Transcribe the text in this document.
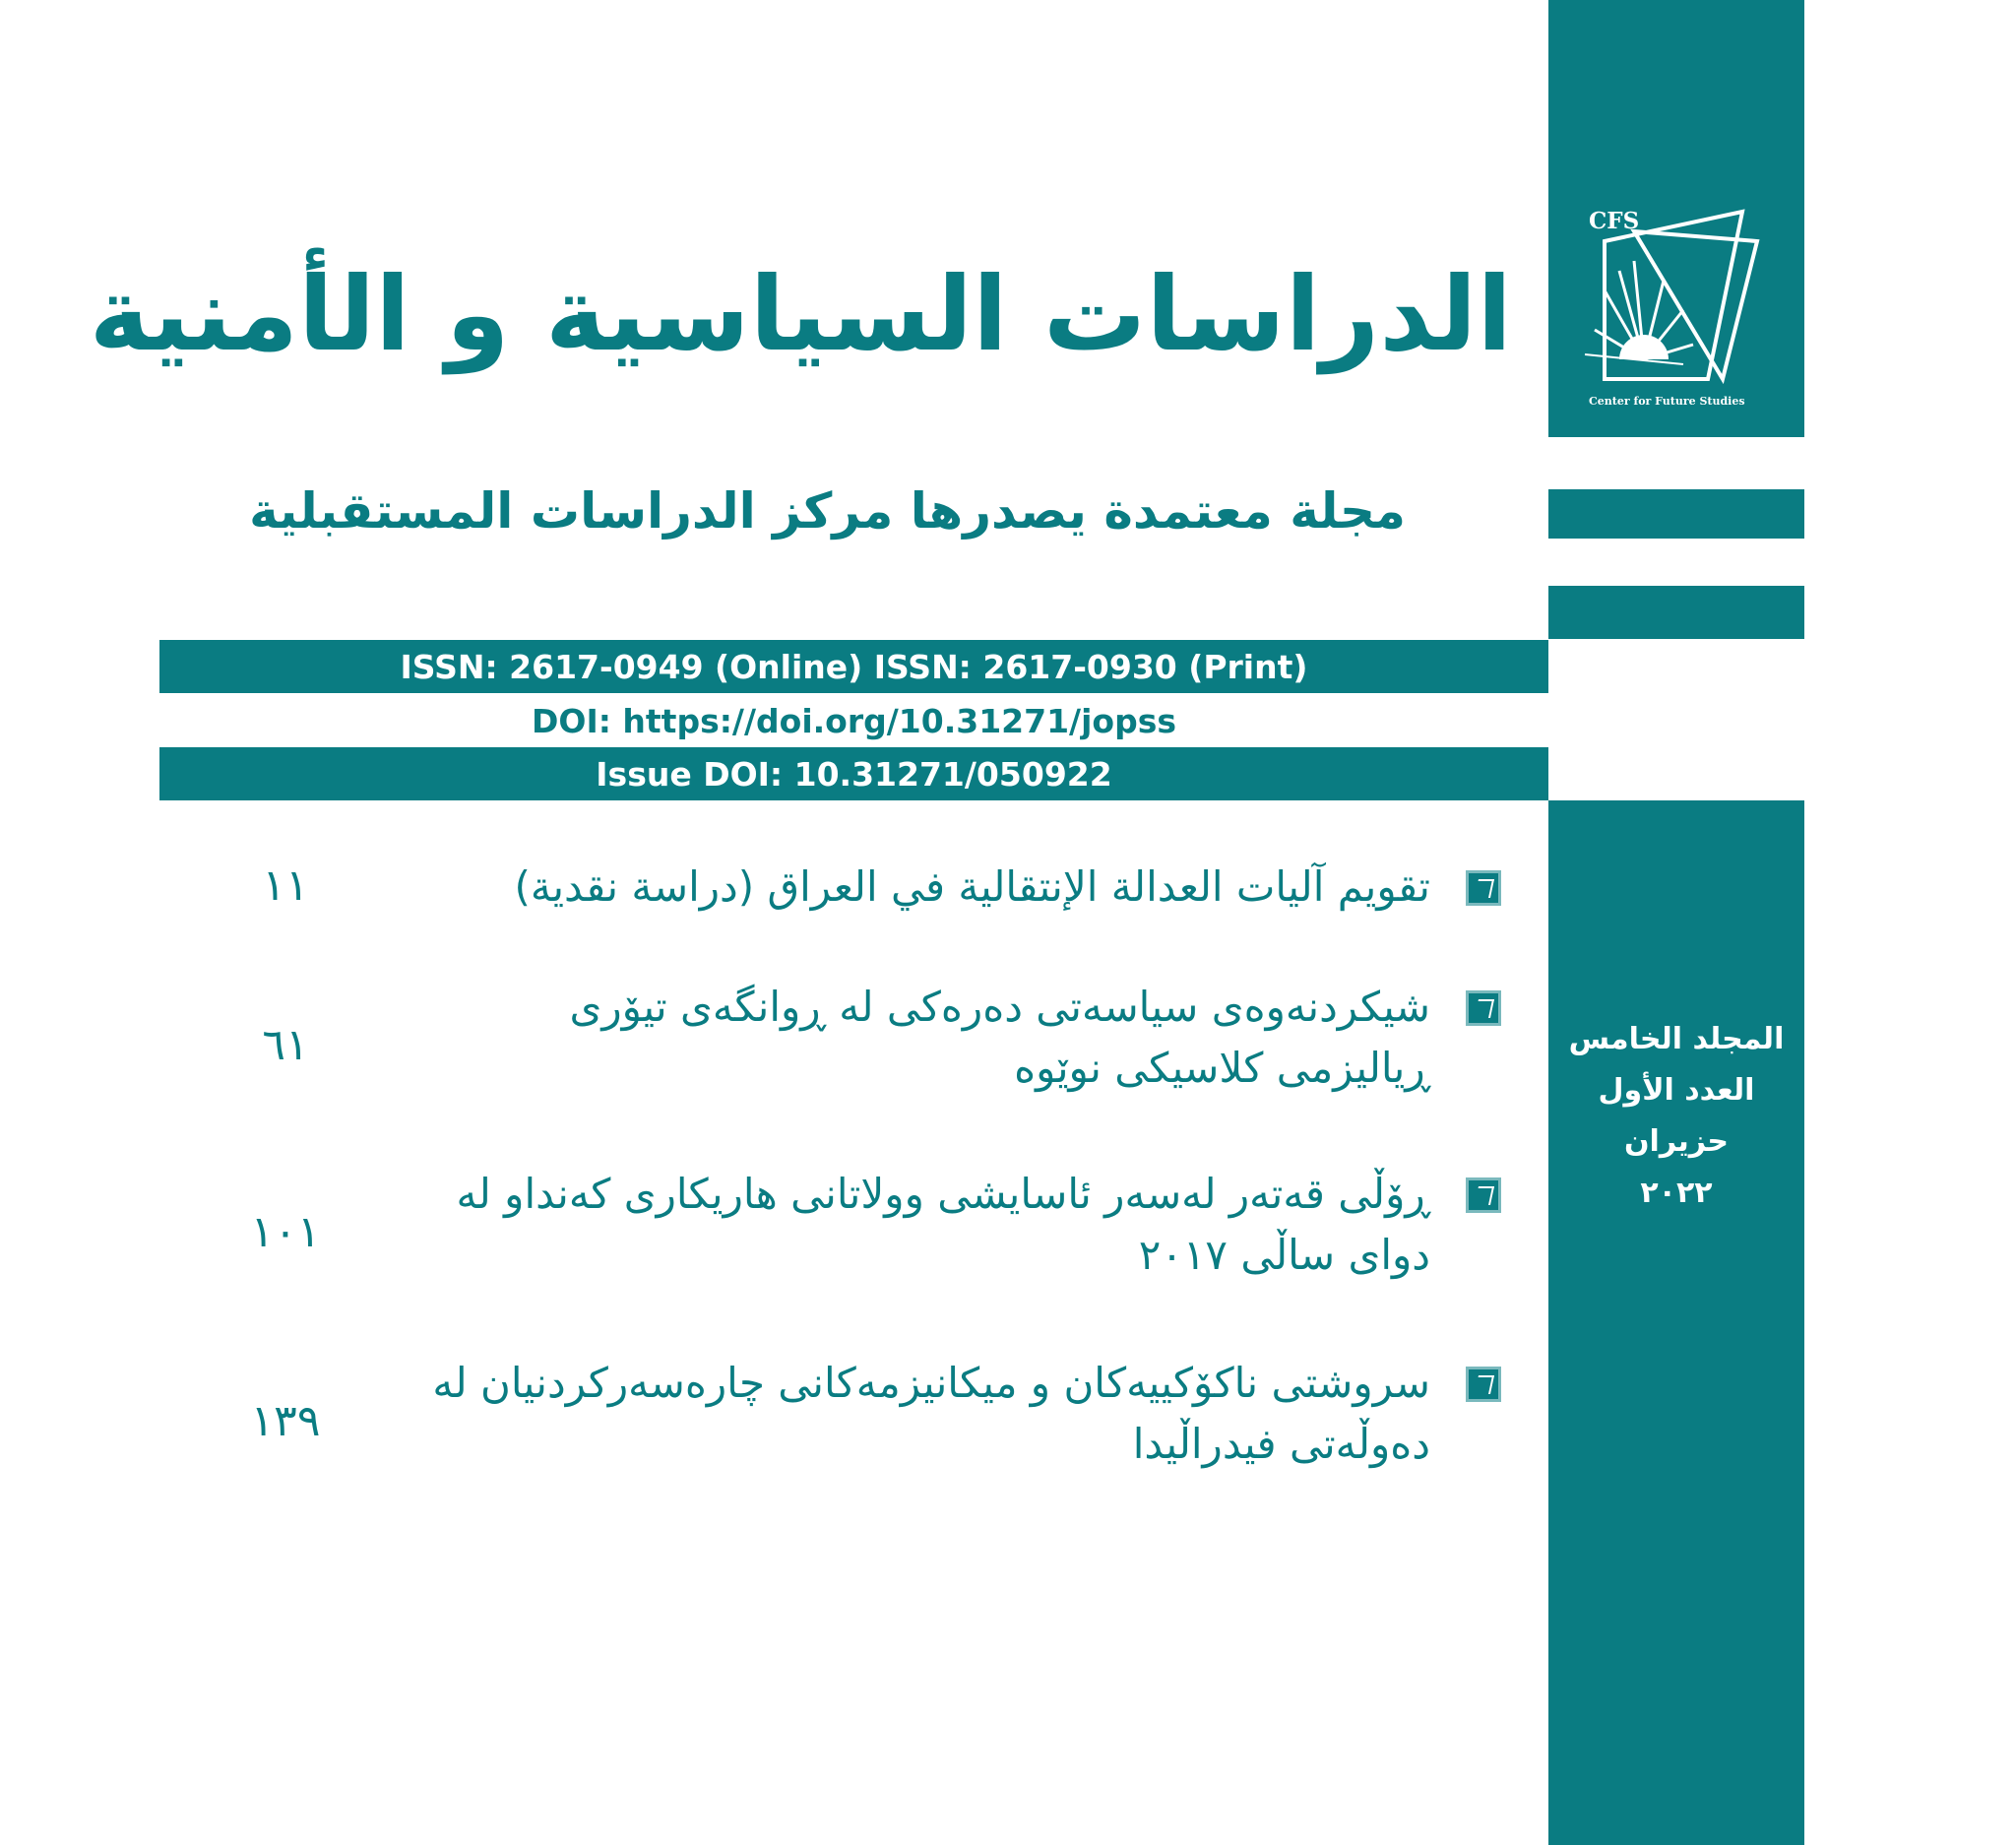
CFS
Center for Future Studies
الدراسات السياسية و الأمنية
مجلة معتمدة يصدرها مركز الدراسات المستقبلية
ISSN: 2617-0949 (Online) ISSN: 2617-0930 (Print)
DOI: https://doi.org/10.31271/jopss
Issue DOI: 10.31271/050922
تقويم آليات العدالة الإنتقالية في العراق (دراسة نقدية)
١١
شیکردنەوەی سیاسەتی دەرەکی لە ڕوانگەی تیۆری ڕیالیزمی کلاسیکی نوێوە
٦١
ڕۆڵی قەتەر لەسەر ئاسایشی وولاتانی هاریکاری کەنداو لە دوای ساڵی ٢٠١٧
١٠١
سروشتی ناکۆکییەکان و میکانیزمەکانی چارەسەرکردنیان لە دەوڵەتی فیدراڵیدا
١٣٩
المجلد الخامس
العدد الأول
حزيران
٢٠٢٢
